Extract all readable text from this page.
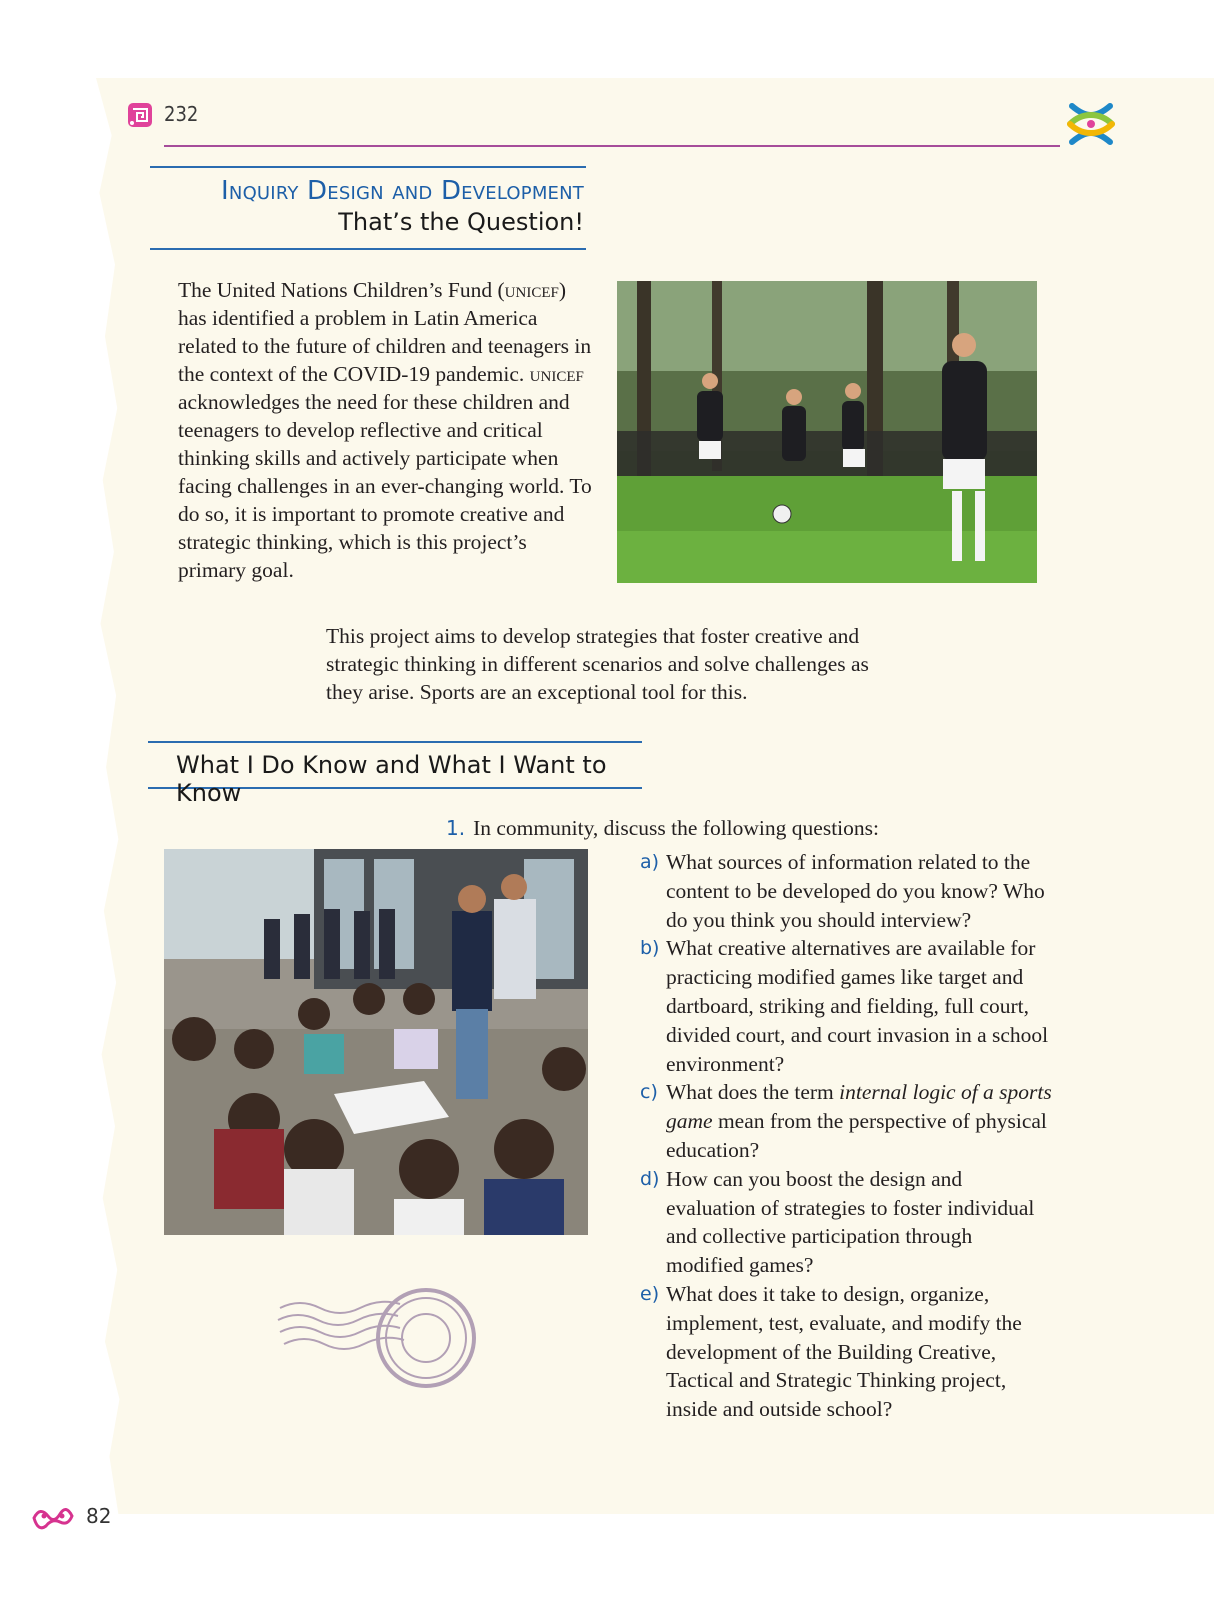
232
Inquiry Design and Development
That’s the Question!

The United Nations Children’s Fund (unicef) has identified a problem in Latin America related to the future of children and teenagers in the context of the COVID-19 pandemic. unicef acknowledges the need for these children and teenagers to develop reflective and critical thinking skills and actively participate when facing challenges in an ever-changing world. To do so, it is important to promote creative and strategic thinking, which is this project’s primary goal.

This project aims to develop strategies that foster creative and strategic thinking in different scenarios and solve challenges as they arise. Sports are an exceptional tool for this.

What I Do Know and What I Want to Know
1. In community, discuss the following questions:
a) What sources of information related to the content to be developed do you know? Who do you think you should interview?
b) What creative alternatives are available for practicing modified games like target and dartboard, striking and fielding, full court, divided court, and court invasion in a school environment?
c) What does the term internal logic of a sports game mean from the perspective of physical education?
d) How can you boost the design and evaluation of strategies to foster individual and collective participation through modified games?
e) What does it take to design, organize, implement, test, evaluate, and modify the development of the Building Creative, Tactical and Strategic Thinking project, inside and outside school?
82
